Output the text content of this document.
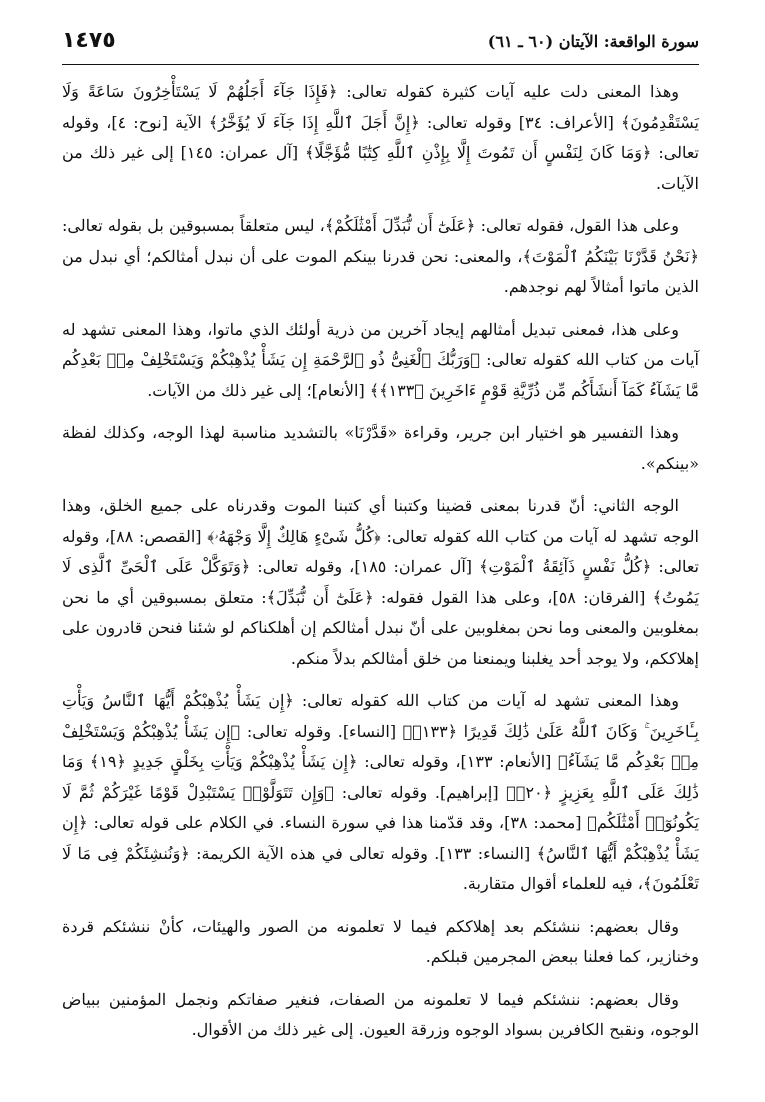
سورة الواقعة: الآيتان (٦٠ ـ ٦١)
١٤٧٥

وهذا المعنى دلت عليه آيات كثيرة كقوله تعالى: ﴿فَإِذَا جَآءَ أَجَلُهُمْ لَا يَسْتَأْخِرُونَ سَاعَةً وَلَا يَسْتَقْدِمُونَ﴾ [الأعراف: ٣٤] وقوله تعالى: ﴿إِنَّ أَجَلَ ٱللَّهِ إِذَا جَآءَ لَا يُؤَخَّرُ﴾ الآية [نوح: ٤]، وقوله تعالى: ﴿وَمَا كَانَ لِنَفْسٍ أَن تَمُوتَ إِلَّا بِإِذْنِ ٱللَّهِ كِتَٰبًا مُّؤَجَّلًا﴾ [آل عمران: ١٤٥] إلى غير ذلك من الآيات.

وعلى هذا القول، فقوله تعالى: ﴿عَلَىٰٓ أَن نُّبَدِّلَ أَمْثَٰلَكُمْ﴾، ليس متعلقاً بمسبوقين بل بقوله تعالى: ﴿نَحْنُ قَدَّرْنَا بَيْنَكُمُ ٱلْمَوْتَ﴾، والمعنى: نحن قدرنا بينكم الموت على أن نبدل أمثالكم؛ أي نبدل من الذين ماتوا أمثالاً لهم نوجدهم.

وعلى هذا، فمعنى تبديل أمثالهم إيجاد آخرين من ذرية أولئك الذي ماتوا، وهذا المعنى تشهد له آيات من كتاب الله كقوله تعالى: ﴿وَرَبُّكَ ٱلْغَنِىُّ ذُو ٱلرَّحْمَةِ إِن يَشَأْ يُذْهِبْكُمْ وَيَسْتَخْلِفْ مِنۢ بَعْدِكُم مَّا يَشَآءُ كَمَآ أَنشَأَكُم مِّن ذُرِّيَّةِ قَوْمٍ ءَاخَرِينَ ﴿١٣٣﴾﴾ [الأنعام]؛ إلى غير ذلك من الآيات.

وهذا التفسير هو اختيار ابن جرير، وقراءة «قَدَّرْنَا» بالتشديد مناسبة لهذا الوجه، وكذلك لفظة «بينكم».

الوجه الثاني: أنّ قدرنا بمعنى قضينا وكتبنا أي كتبنا الموت وقدرناه على جميع الخلق، وهذا الوجه تشهد له آيات من كتاب الله كقوله تعالى: ﴿كُلُّ شَىْءٍ هَالِكٌ إِلَّا وَجْهَهُۥ﴾ [القصص: ٨٨]، وقوله تعالى: ﴿كُلُّ نَفْسٍ ذَآئِقَةُ ٱلْمَوْتِ﴾ [آل عمران: ١٨٥]، وقوله تعالى: ﴿وَتَوَكَّلْ عَلَى ٱلْحَىِّ ٱلَّذِى لَا يَمُوتُ﴾ [الفرقان: ٥٨]، وعلى هذا القول فقوله: ﴿عَلَىٰٓ أَن نُّبَدِّلَ﴾: متعلق بمسبوقين أي ما نحن بمغلوبين والمعنى وما نحن بمغلوبين على أنّ نبدل أمثالكم إن أهلكناكم لو شئنا فنحن قادرون على إهلاككم، ولا يوجد أحد يغلبنا ويمنعنا من خلق أمثالكم بدلاً منكم.

وهذا المعنى تشهد له آيات من كتاب الله كقوله تعالى: ﴿إِن يَشَأْ يُذْهِبْكُمْ أَيُّهَا ٱلنَّاسُ وَيَأْتِ بِـَٔاخَرِينَ ۚ وَكَانَ ٱللَّهُ عَلَىٰ ذَٰلِكَ قَدِيرًا ﴿١٣٣﴾﴾ [النساء]. وقوله تعالى: ﴿إِن يَشَأْ يُذْهِبْكُمْ وَيَسْتَخْلِفْ مِنۢ بَعْدِكُم مَّا يَشَآءُ﴾ [الأنعام: ١٣٣]، وقوله تعالى: ﴿إِن يَشَأْ يُذْهِبْكُمْ وَيَأْتِ بِخَلْقٍ جَدِيدٍ ﴿١٩﴾ وَمَا ذَٰلِكَ عَلَى ٱللَّهِ بِعَزِيزٍ ﴿٢٠﴾﴾ [إبراهيم]. وقوله تعالى: ﴿وَإِن تَتَوَلَّوْا۟ يَسْتَبْدِلْ قَوْمًا غَيْرَكُمْ ثُمَّ لَا يَكُونُوٓا۟ أَمْثَٰلَكُم﴾ [محمد: ٣٨]، وقد قدّمنا هذا في سورة النساء. في الكلام على قوله تعالى: ﴿إِن يَشَأْ يُذْهِبْكُمْ أَيُّهَا ٱلنَّاسُ﴾ [النساء: ١٣٣]. وقوله تعالى في هذه الآية الكريمة: ﴿وَنُنشِئَكُمْ فِى مَا لَا تَعْلَمُونَ﴾، فيه للعلماء أقوال متقاربة.

وقال بعضهم: ننشئكم بعد إهلاككم فيما لا تعلمونه من الصور والهيئات، كأنْ ننشئكم قردة وخنازير، كما فعلنا ببعض المجرمين قبلكم.

وقال بعضهم: ننشئكم فيما لا تعلمونه من الصفات، فنغير صفاتكم ونجمل المؤمنين ببياض الوجوه، ونقبح الكافرين بسواد الوجوه وزرقة العيون. إلى غير ذلك من الأقوال.
